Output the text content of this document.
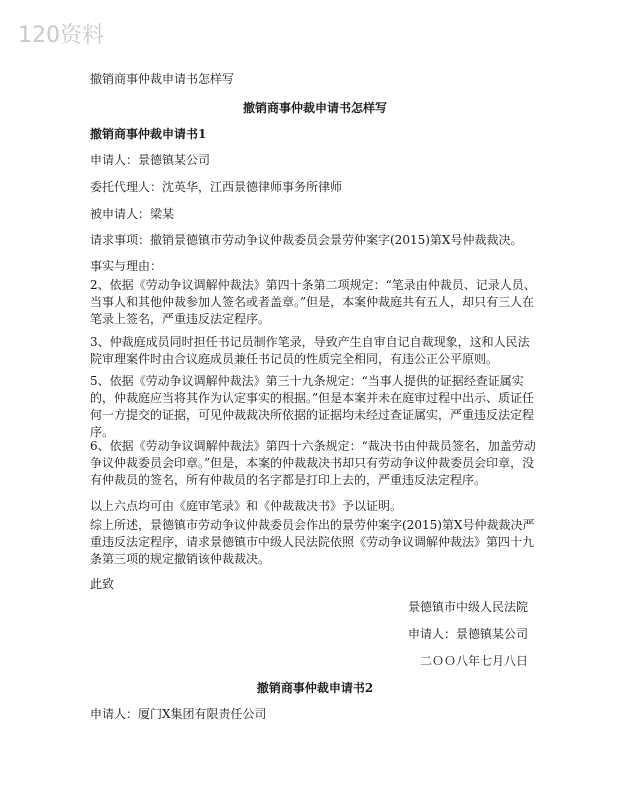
120资料
撤销商事仲裁申请书怎样写
撤销商事仲裁申请书怎样写
撤销商事仲裁申请书1
申请人：景德镇某公司
委托代理人：沈英华，江西景德律师事务所律师
被申请人：梁某
请求事项：撤销景德镇市劳动争议仲裁委员会景劳仲案字(2015)第X号仲裁裁决。
事实与理由：
2、依据《劳动争议调解仲裁法》第四十条第二项规定：“笔录由仲裁员、记录人员、当事人和其他仲裁参加人签名或者盖章。”但是，本案仲裁庭共有五人，却只有三人在笔录上签名，严重违反法定程序。
3、仲裁庭成员同时担任书记员制作笔录，导致产生自审自记自裁现象，这和人民法院审理案件时由合议庭成员兼任书记员的性质完全相同，有违公正公平原则。
5、依据《劳动争议调解仲裁法》第三十九条规定：“当事人提供的证据经查证属实的，仲裁庭应当将其作为认定事实的根据。”但是本案并未在庭审过程中出示、质证任何一方提交的证据，可见仲裁裁决所依据的证据均未经过查证属实，严重违反法定程序。
6、依据《劳动争议调解仲裁法》第四十六条规定：“裁决书由仲裁员签名，加盖劳动争议仲裁委员会印章。”但是，本案的仲裁裁决书却只有劳动争议仲裁委员会印章，没有仲裁员的签名，所有仲裁员的名字都是打印上去的，严重违反法定程序。
以上六点均可由《庭审笔录》和《仲裁裁决书》予以证明。
综上所述，景德镇市劳动争议仲裁委员会作出的景劳仲案字(2015)第X号仲裁裁决严重违反法定程序，请求景德镇市中级人民法院依照《劳动争议调解仲裁法》第四十九条第三项的规定撤销该仲裁裁决。
此致
景德镇市中级人民法院
申请人：景德镇某公司
二ＯＯ八年七月八日
撤销商事仲裁申请书2
申请人：厦门X集团有限责任公司
